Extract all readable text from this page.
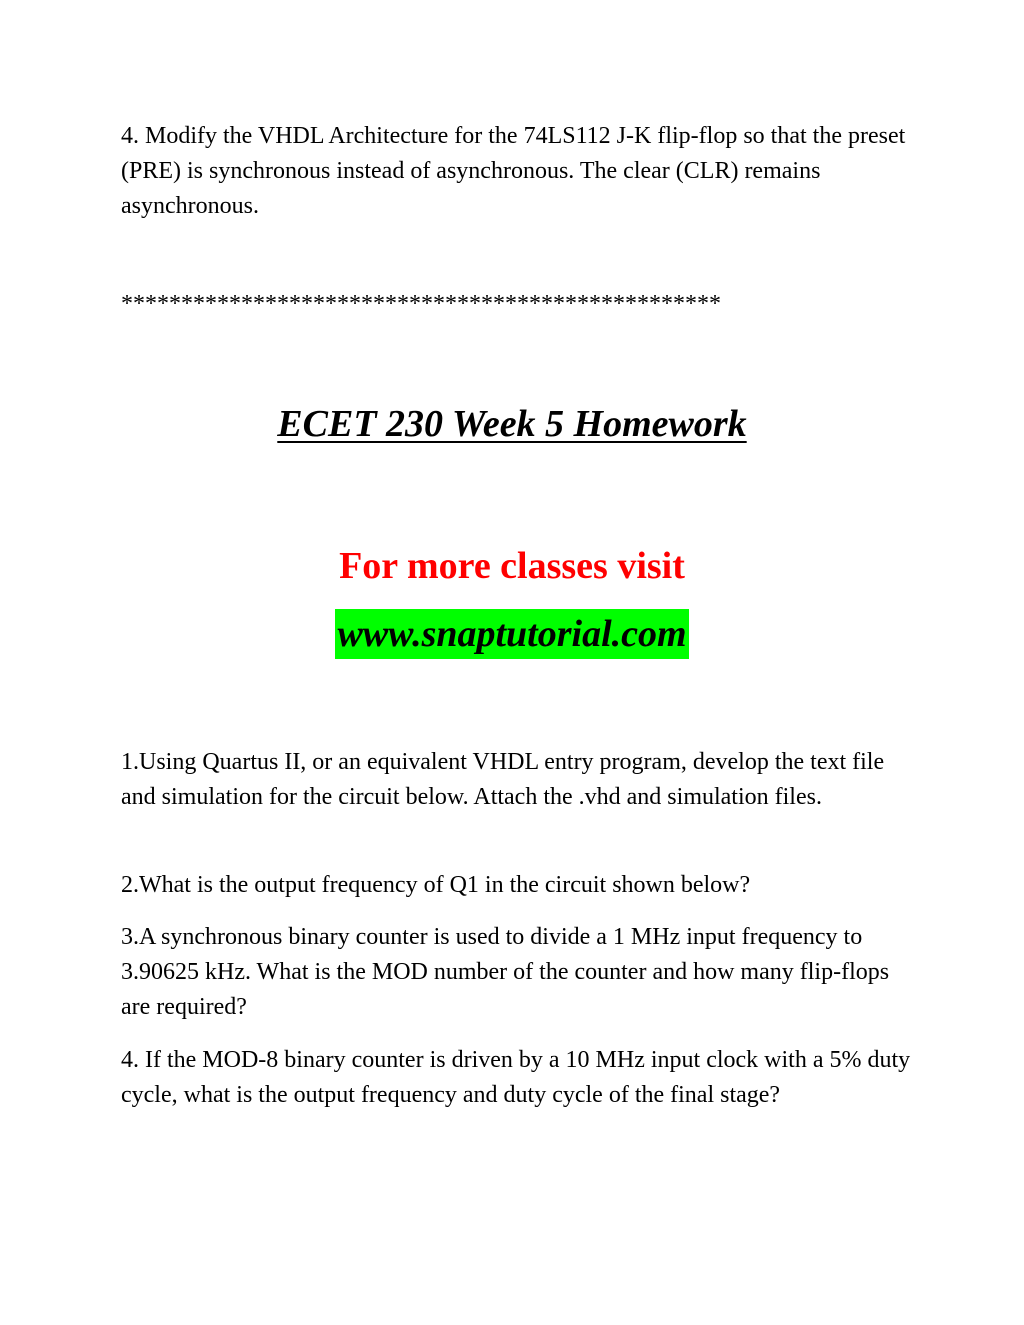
4. Modify the VHDL Architecture for the 74LS112 J-K flip-flop so that the preset (PRE) is synchronous instead of asynchronous. The clear (CLR) remains asynchronous.

**************************************************
ECET 230 Week 5 Homework
For more classes visit
www.snaptutorial.com

1.Using Quartus II, or an equivalent VHDL entry program, develop the text file and simulation for the circuit below. Attach the .vhd and simulation files.

2.What is the output frequency of Q1 in the circuit shown below?

3.A synchronous binary counter is used to divide a 1 MHz input frequency to 3.90625 kHz. What is the MOD number of the counter and how many flip-flops are required?

4. If the MOD-8 binary counter is driven by a 10 MHz input clock with a 5% duty cycle, what is the output frequency and duty cycle of the final stage?
